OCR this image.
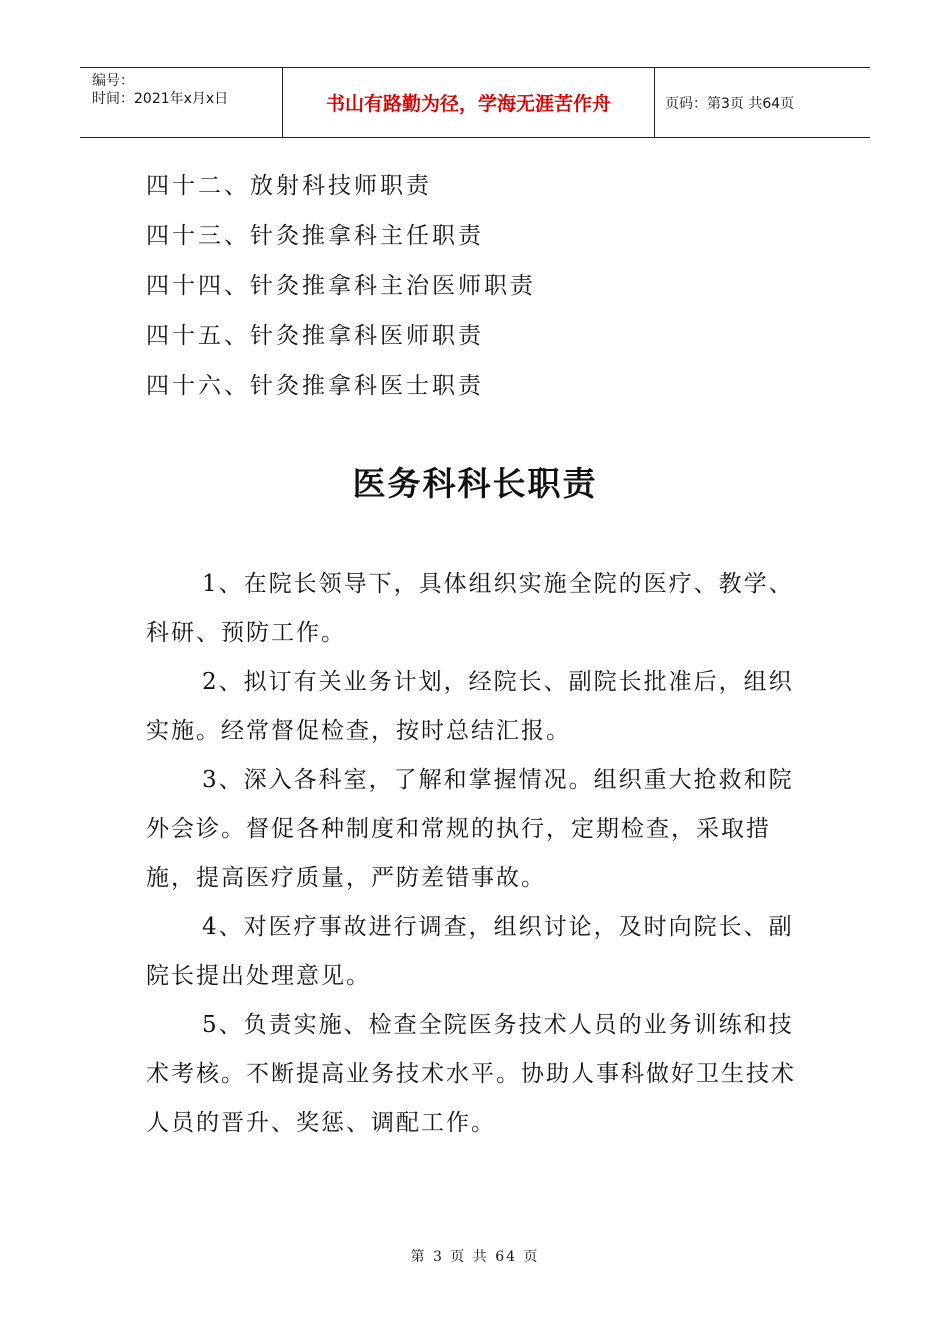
编号：
时间：2021年x月x日	书山有路勤为径，学海无涯苦作舟	页码：第3页 共64页
四十二、放射科技师职责
四十三、针灸推拿科主任职责
四十四、针灸推拿科主治医师职责
四十五、针灸推拿科医师职责
四十六、针灸推拿科医士职责
医务科科长职责

1、在院长领导下，具体组织实施全院的医疗、教学、科研、预防工作。

2、拟订有关业务计划，经院长、副院长批准后，组织实施。经常督促检查，按时总结汇报。

3、深入各科室，了解和掌握情况。组织重大抢救和院外会诊。督促各种制度和常规的执行，定期检查，采取措施，提高医疗质量，严防差错事故。

4、对医疗事故进行调查，组织讨论，及时向院长、副院长提出处理意见。

5、负责实施、检查全院医务技术人员的业务训练和技术考核。不断提高业务技术水平。协助人事科做好卫生技术人员的晋升、奖惩、调配工作。

第 3 页 共 64 页
